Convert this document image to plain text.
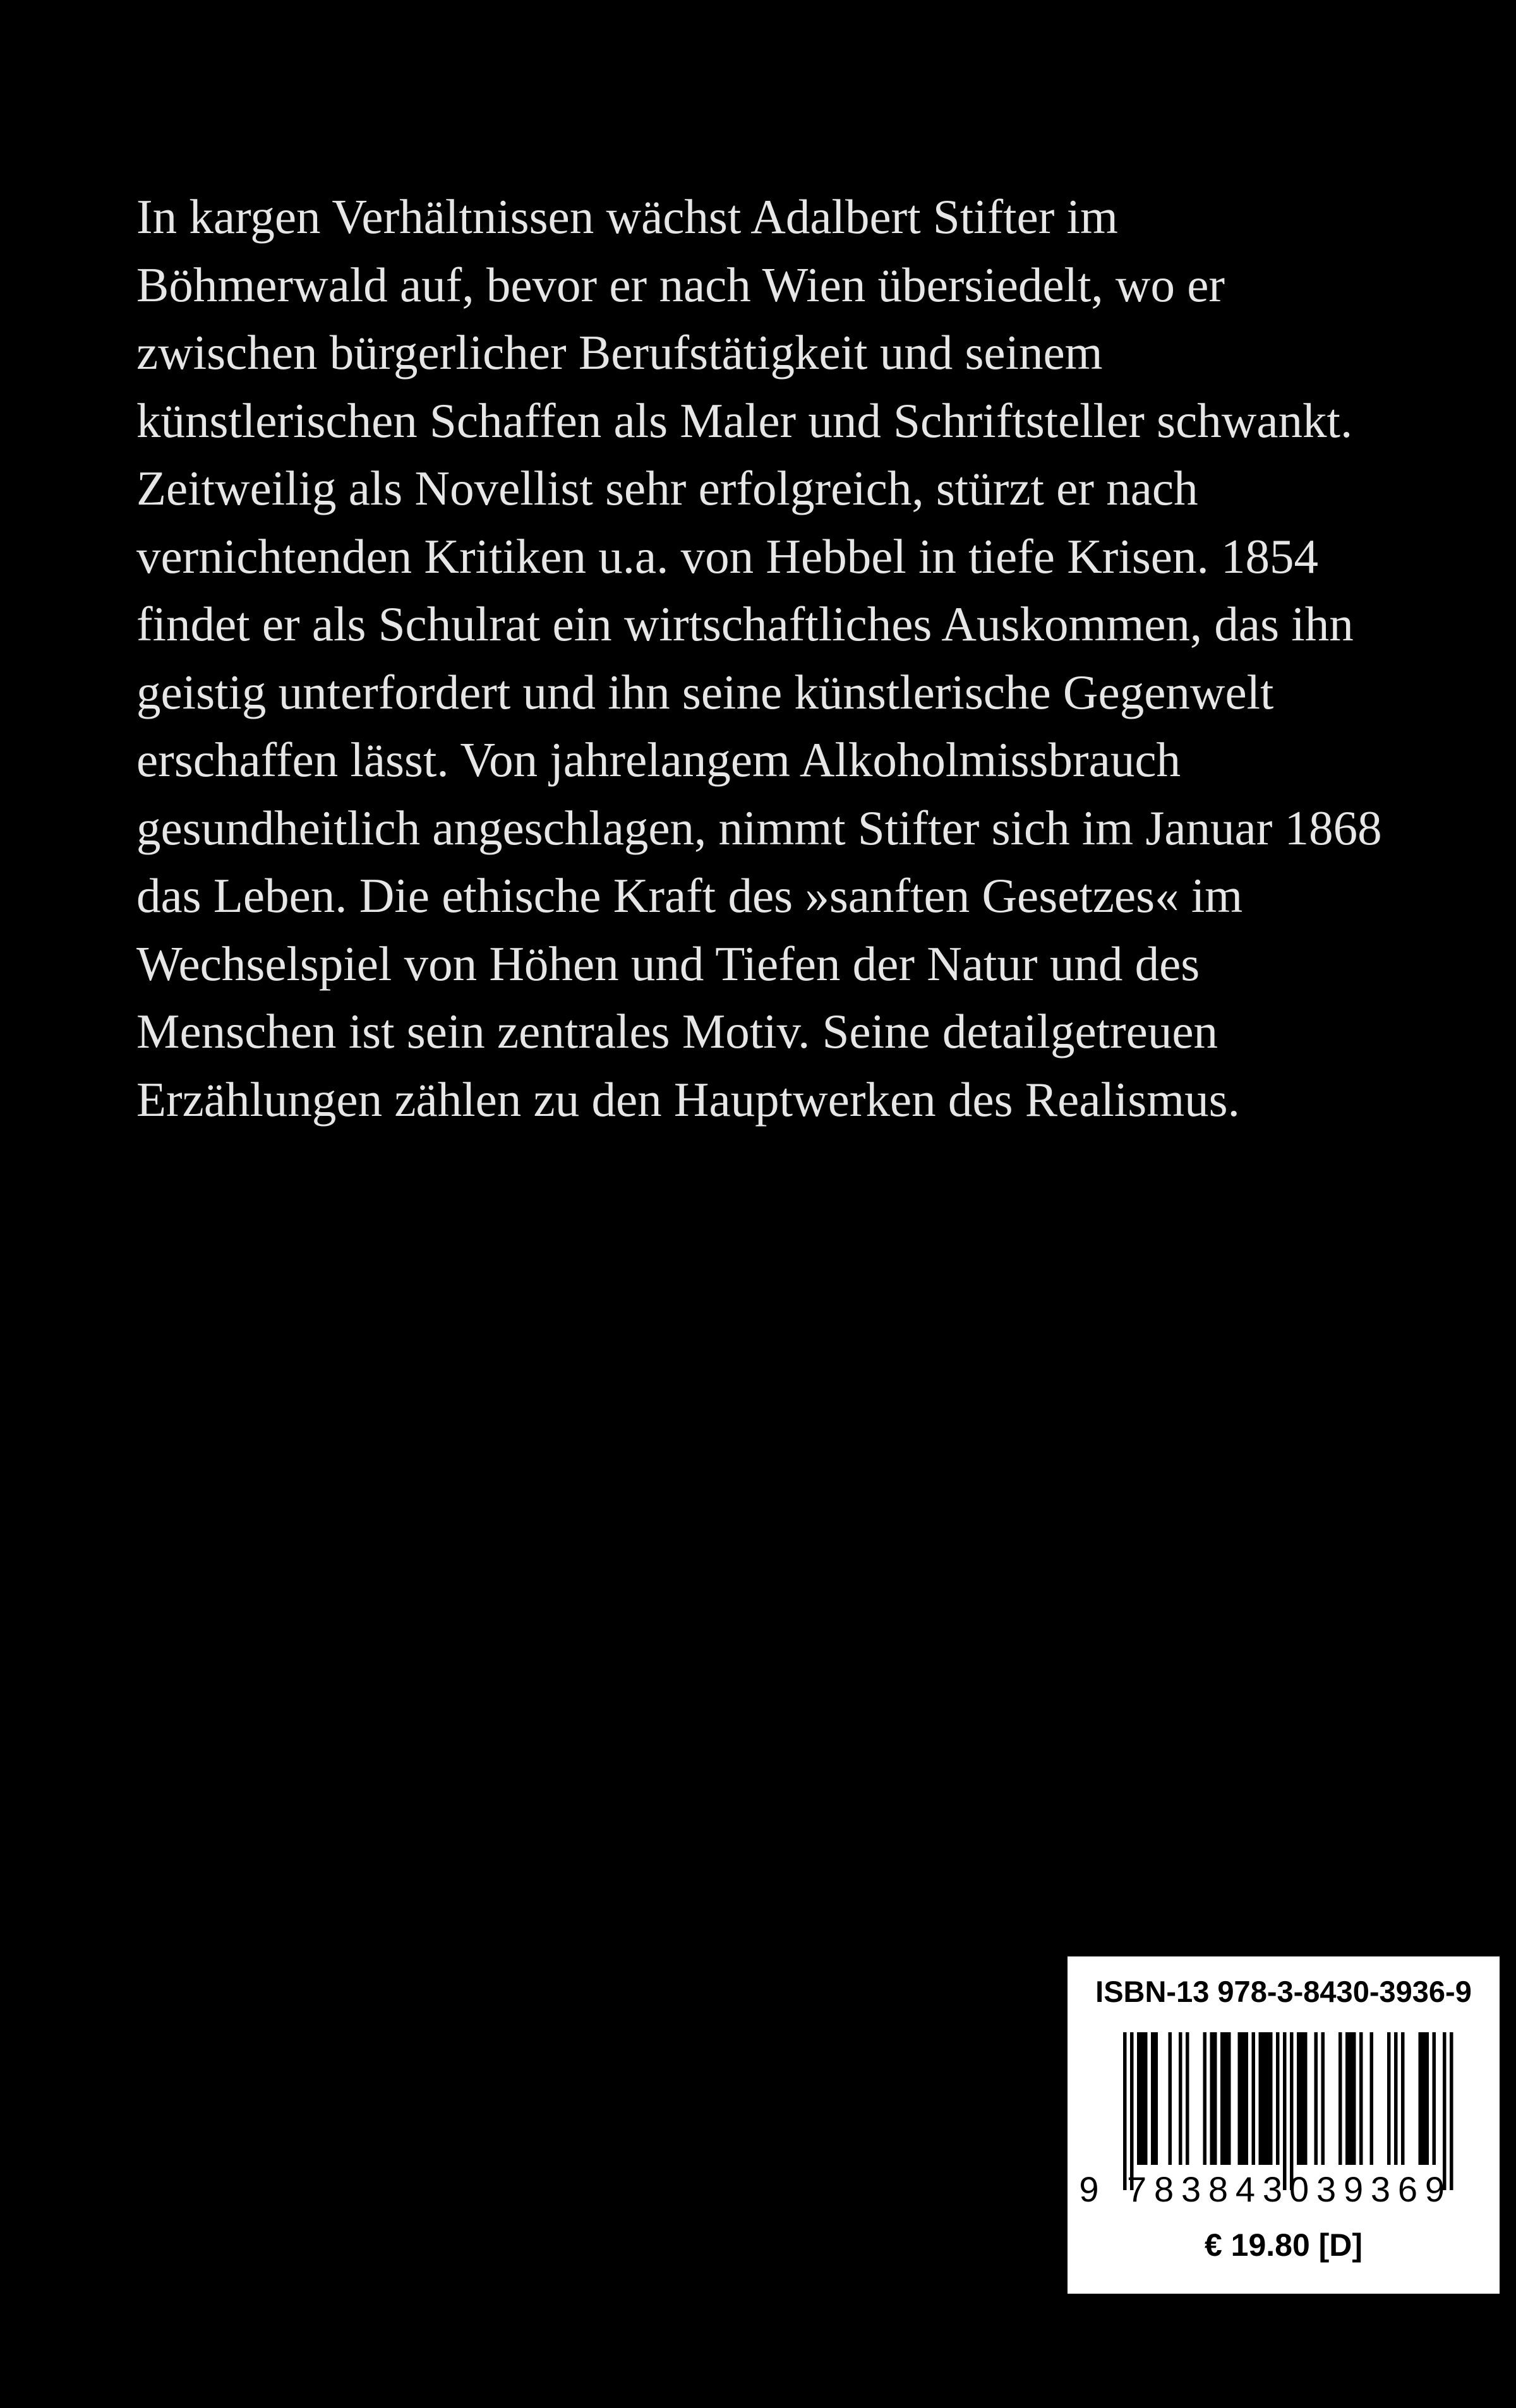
In kargen Verhältnissen wächst Adalbert Stifter im
Böhmerwald auf, bevor er nach Wien übersiedelt, wo er
zwischen bürgerlicher Berufstätigkeit und seinem
künstlerischen Schaffen als Maler und Schriftsteller schwankt.
Zeitweilig als Novellist sehr erfolgreich, stürzt er nach
vernichtenden Kritiken u.a. von Hebbel in tiefe Krisen. 1854
findet er als Schulrat ein wirtschaftliches Auskommen, das ihn
geistig unterfordert und ihn seine künstlerische Gegenwelt
erschaffen lässt. Von jahrelangem Alkoholmissbrauch
gesundheitlich angeschlagen, nimmt Stifter sich im Januar 1868
das Leben. Die ethische Kraft des »sanften Gesetzes« im
Wechselspiel von Höhen und Tiefen der Natur und des
Menschen ist sein zentrales Motiv. Seine detailgetreuen
Erzählungen zählen zu den Hauptwerken des Realismus.
ISBN-13 978-3-8430-3936-9
9 783843 039369
€ 19.80 [D]
